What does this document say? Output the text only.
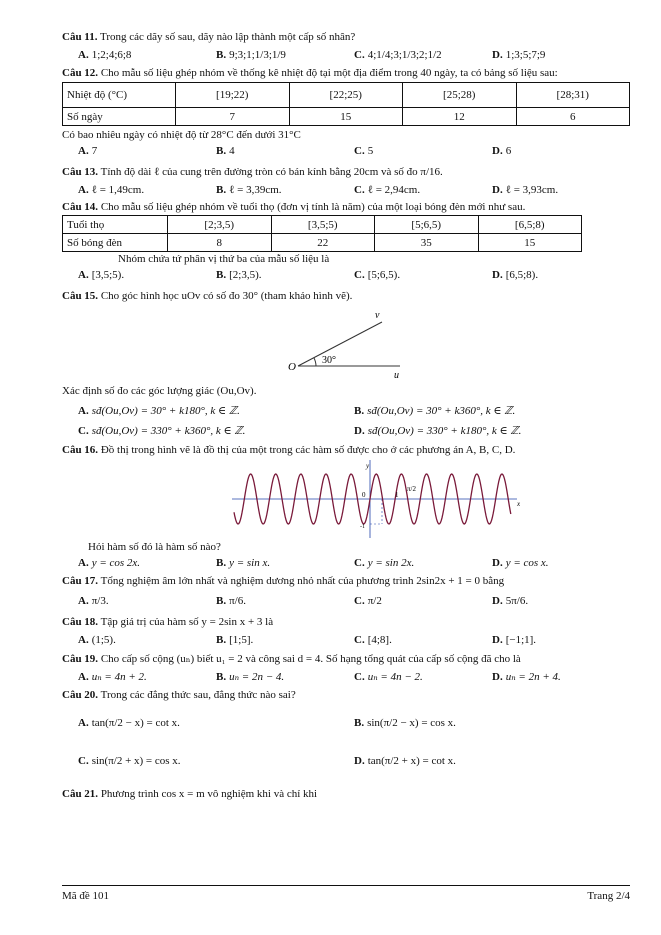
Câu 11. Trong các dãy số sau, dãy nào lập thành một cấp số nhân?

A. 1;2;4;6;8	B. 9;3;1;1/3;1/9	C. 4;1/4;3;1/3;2;1/2	D. 1;3;5;7;9

Câu 12. Cho mẫu số liệu ghép nhóm về thống kê nhiệt độ tại một địa điểm trong 40 ngày, ta có bảng số liệu sau:

Nhiệt độ (°C)	[19;22)	[22;25)	[25;28)	[28;31)
Số ngày	7	15	12	6

Có bao nhiêu ngày có nhiệt độ từ 28°C đến dưới 31°C

A. 7	B. 4	C. 5	D. 6

Câu 13. Tính độ dài ℓ của cung trên đường tròn có bán kính bằng 20cm và số đo π/16.

A. ℓ = 1,49cm.	B. ℓ = 3,39cm.	C. ℓ = 2,94cm.	D. ℓ = 3,93cm.

Câu 14. Cho mẫu số liệu ghép nhóm về tuổi thọ (đơn vị tính là năm) của một loại bóng đèn mới như sau.

Tuổi thọ	[2;3,5)	[3,5;5)	[5;6,5)	[6,5;8)
Số bóng đèn	8	22	35	15

Nhóm chứa tứ phân vị thứ ba của mẫu số liệu là

A. [3,5;5).	B. [2;3,5).	C. [5;6,5).	D. [6,5;8).

Câu 15. Cho góc hình học uOv có số đo 30° (tham khảo hình vẽ).

O
v
u
30°

Xác định số đo các góc lượng giác (Ou,Ov).

A. sđ(Ou,Ov) = 30° + k180°, k ∈ ℤ.	B. sđ(Ou,Ov) = 30° + k360°, k ∈ ℤ.
C. sđ(Ou,Ov) = 330° + k360°, k ∈ ℤ.	D. sđ(Ou,Ov) = 330° + k180°, k ∈ ℤ.

Câu 16. Đồ thị trong hình vẽ là đồ thị của một trong các hàm số được cho ở các phương án A, B, C, D.

y
x
0	1
-1
π/2

Hỏi hàm số đó là hàm số nào?

A. y = cos 2x.	B. y = sin x.	C. y = sin 2x.	D. y = cos x.

Câu 17. Tổng nghiệm âm lớn nhất và nghiệm dương nhỏ nhất của phương trình 2sin2x + 1 = 0 bằng

A. π/3.	B. π/6.	C. π/2	D. 5π/6.

Câu 18. Tập giá trị của hàm số y = 2sin x + 3 là

A. (1;5).	B. [1;5].	C. [4;8].	D. [−1;1].

Câu 19. Cho cấp số cộng (uₙ) biết u₁ = 2 và công sai d = 4. Số hạng tổng quát của cấp số cộng đã cho là

A. uₙ = 4n + 2.	B. uₙ = 2n − 4.	C. uₙ = 4n − 2.	D. uₙ = 2n + 4.

Câu 20. Trong các đẳng thức sau, đẳng thức nào sai?

A. tan(π/2 − x) = cot x.	B. sin(π/2 − x) = cos x.
C. sin(π/2 + x) = cos x.	D. tan(π/2 + x) = cot x.

Câu 21. Phương trình cos x = m vô nghiệm khi và chỉ khi

Mã đề 101	Trang 2/4
